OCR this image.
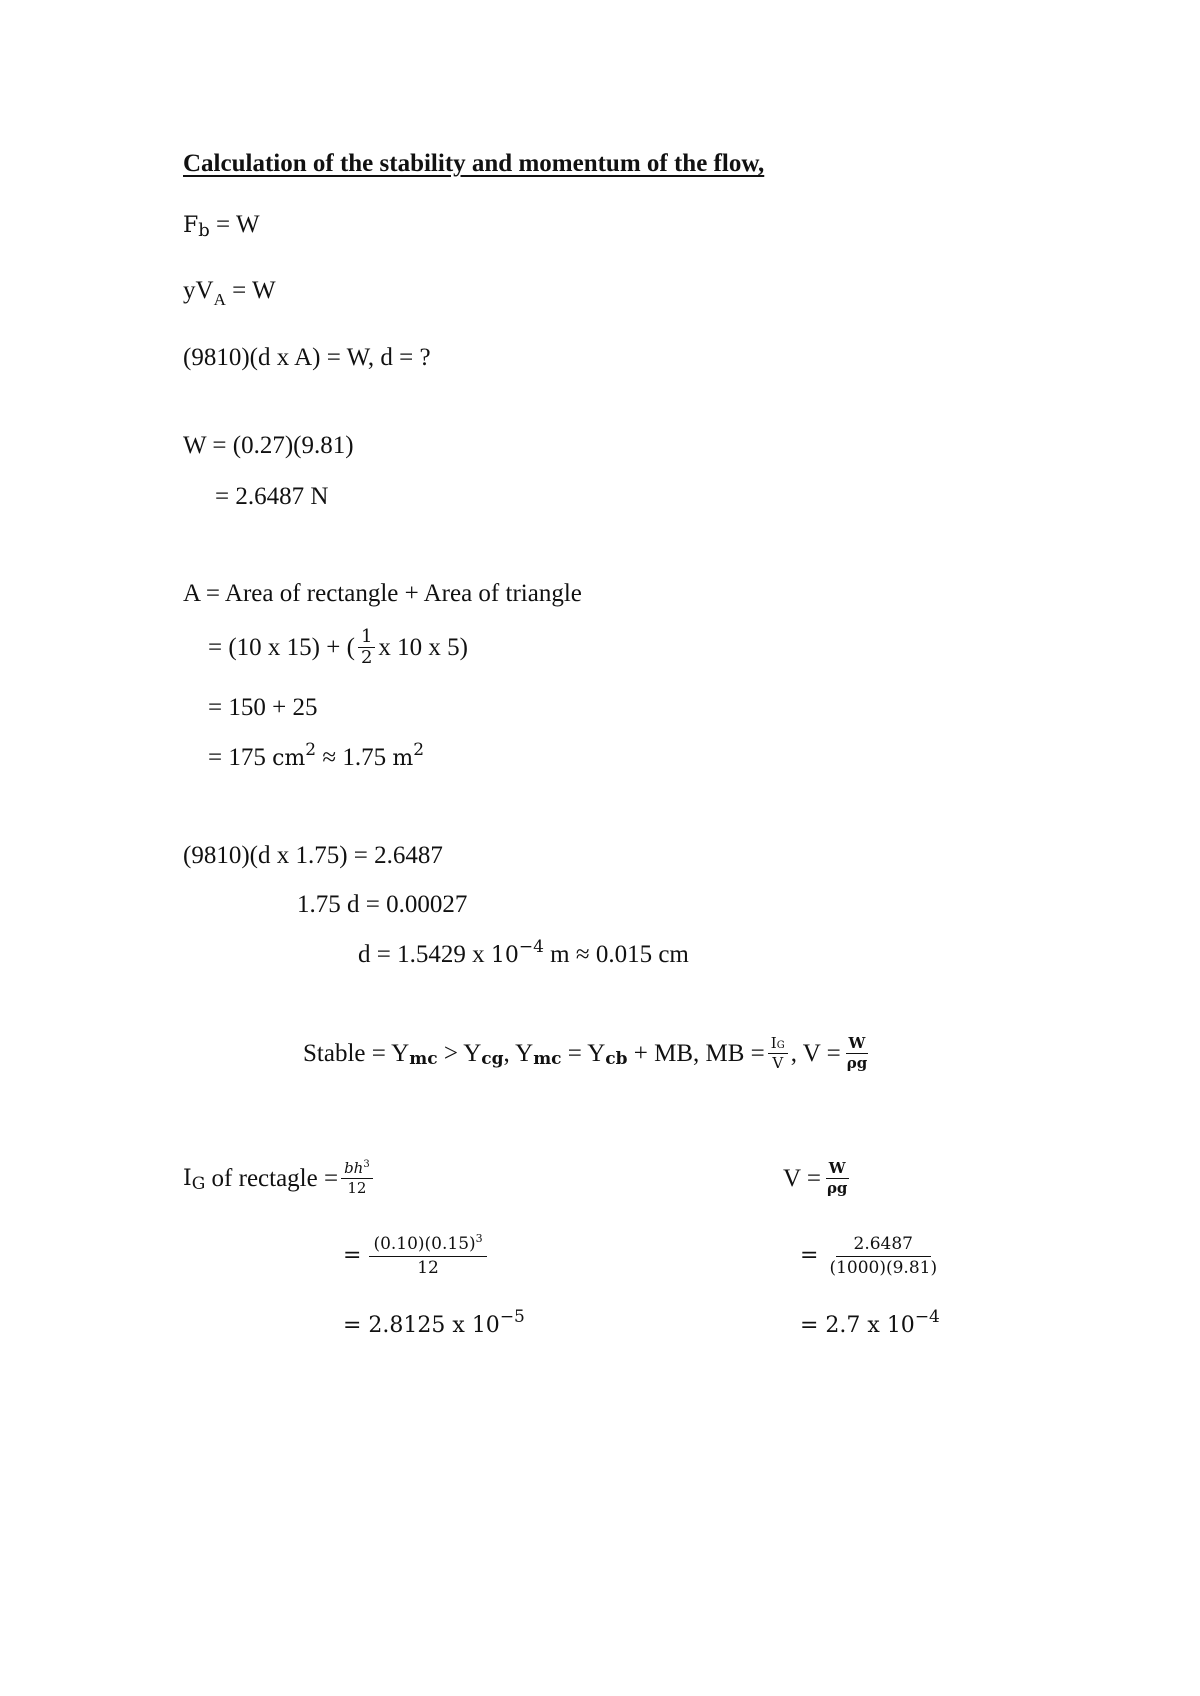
Calculation of the stability and momentum of the flow,
Fb = W
$yV_A = W$
(9810)(d x A) = W, d = ?
W = (0.27)(9.81)
= 2.6487 N
A = Area of rectangle + Area of triangle
= (10 x 15) + ( $\frac{1}{2}$ x 10 x 5)
= 150 + 25
= 175 $cm^2 \approx 1.75$ $m^2$
(9810)(d x 1.75) = 2.6487
1.75 d = 0.00027
d = 1.5429 x $10^{-4}$ m ≈ 0.015 cm
Stable = Y mc > Y cg , Y mc = Y cb + MB, MB = $\frac{IG}{V}$ , $V = \frac{W}{\rho g}$
I G of rectagle = $\frac{bh^3}{12}$
= $\frac{(0.10)(0.15)^3}{12}$
= 2.8125 x $10^{-5}$
$V = \frac{W}{\rho g}$
= $\frac{2.6487}{(1000)(9.81)}$
= 2.7 x $10^{-4}$
